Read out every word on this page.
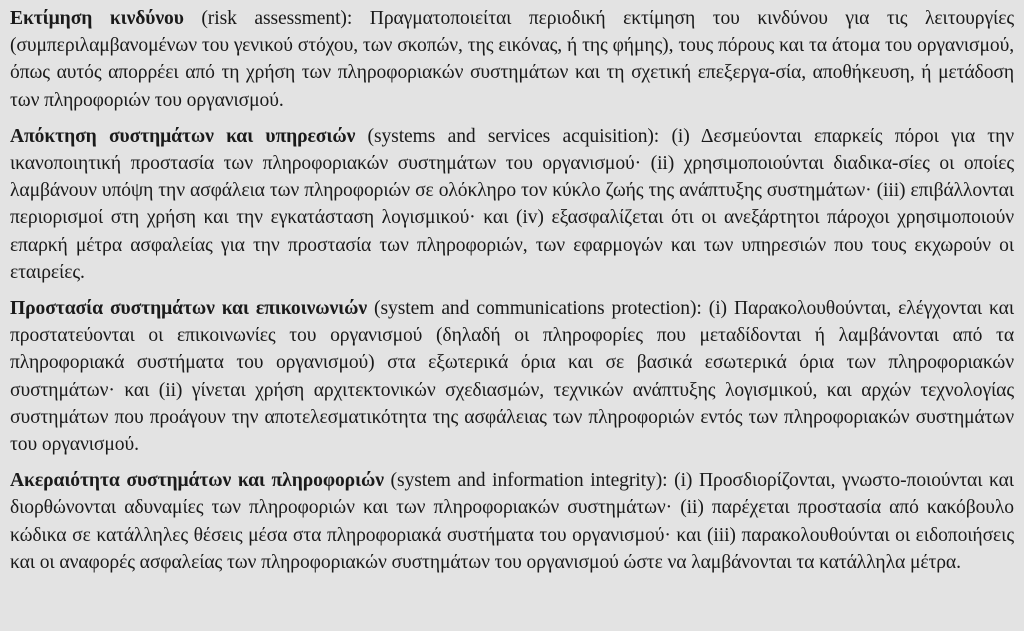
Εκτίμηση κινδύνου (risk assessment): Πραγματοποιείται περιοδική εκτίμηση του κινδύνου για τις λειτουργίες (συμπεριλαμβανομένων του γενικού στόχου, των σκοπών, της εικόνας, ή της φήμης), τους πόρους και τα άτομα του οργανισμού, όπως αυτός απορρέει από τη χρήση των πληροφοριακών συστημάτων και τη σχετική επεξεργα-σία, αποθήκευση, ή μετάδοση των πληροφοριών του οργανισμού.

Απόκτηση συστημάτων και υπηρεσιών (systems and services acquisition): (i) Δεσμεύονται επαρκείς πόροι για την ικανοποιητική προστασία των πληροφοριακών συστημάτων του οργανισμού· (ii) χρησιμοποιούνται διαδικα-σίες οι οποίες λαμβάνουν υπόψη την ασφάλεια των πληροφοριών σε ολόκληρο τον κύκλο ζωής της ανάπτυξης συστημάτων· (iii) επιβάλλονται περιορισμοί στη χρήση και την εγκατάσταση λογισμικού· και (iv) εξασφαλίζεται ότι οι ανεξάρτητοι πάροχοι χρησιμοποιούν επαρκή μέτρα ασφαλείας για την προστασία των πληροφοριών, των εφαρμογών και των υπηρεσιών που τους εκχωρούν οι εταιρείες.

Προστασία συστημάτων και επικοινωνιών (system and communications protection): (i) Παρακολουθούνται, ελέγχονται και προστατεύονται οι επικοινωνίες του οργανισμού (δηλαδή οι πληροφορίες που μεταδίδονται ή λαμβάνονται από τα πληροφοριακά συστήματα του οργανισμού) στα εξωτερικά όρια και σε βασικά εσωτερικά όρια των πληροφοριακών συστημάτων· και (ii) γίνεται χρήση αρχιτεκτονικών σχεδιασμών, τεχνικών ανάπτυξης λογισμικού, και αρχών τεχνολογίας συστημάτων που προάγουν την αποτελεσματικότητα της ασφάλειας των πληροφοριών εντός των πληροφοριακών συστημάτων του οργανισμού.

Ακεραιότητα συστημάτων και πληροφοριών (system and information integrity): (i) Προσδιορίζονται, γνωστο-ποιούνται και διορθώνονται αδυναμίες των πληροφοριών και των πληροφοριακών συστημάτων· (ii) παρέχεται προστασία από κακόβουλο κώδικα σε κατάλληλες θέσεις μέσα στα πληροφοριακά συστήματα του οργανισμού· και (iii) παρακολουθούνται οι ειδοποιήσεις και οι αναφορές ασφαλείας των πληροφοριακών συστημάτων του οργανισμού ώστε να λαμβάνονται τα κατάλληλα μέτρα.
